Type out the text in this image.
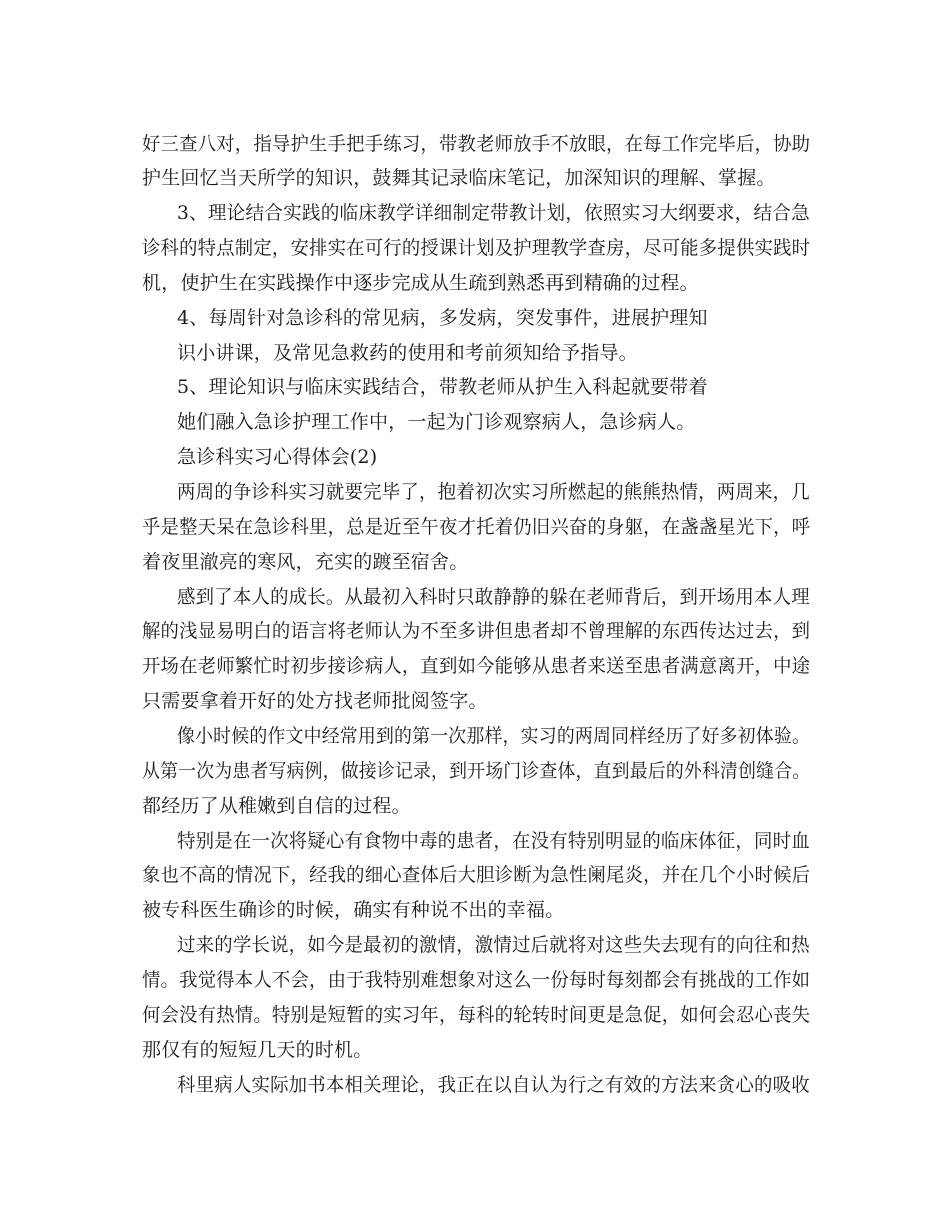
好三查八对，指导护生手把手练习，带教老师放手不放眼，在每工作完毕后，协助
护生回忆当天所学的知识，鼓舞其记录临床笔记，加深知识的理解、掌握。
3、理论结合实践的临床教学详细制定带教计划，依照实习大纲要求，结合急
诊科的特点制定，安排实在可行的授课计划及护理教学查房，尽可能多提供实践时
机，使护生在实践操作中逐步完成从生疏到熟悉再到精确的过程。
4、每周针对急诊科的常见病，多发病，突发事件，进展护理知
识小讲课，及常见急救药的使用和考前须知给予指导。
5、理论知识与临床实践结合，带教老师从护生入科起就要带着
她们融入急诊护理工作中，一起为门诊观察病人，急诊病人。
急诊科实习心得体会(2)
两周的争诊科实习就要完毕了，抱着初次实习所燃起的熊熊热情，两周来，几
乎是整天呆在急诊科里，总是近至午夜才托着仍旧兴奋的身躯，在盏盏星光下，呼
着夜里澈亮的寒风，充实的踱至宿舍。
感到了本人的成长。从最初入科时只敢静静的躲在老师背后，到开场用本人理
解的浅显易明白的语言将老师认为不至多讲但患者却不曾理解的东西传达过去，到
开场在老师繁忙时初步接诊病人，直到如今能够从患者来送至患者满意离开，中途
只需要拿着开好的处方找老师批阅签字。
像小时候的作文中经常用到的第一次那样，实习的两周同样经历了好多初体验。
从第一次为患者写病例，做接诊记录，到开场门诊查体，直到最后的外科清创缝合。
都经历了从稚嫩到自信的过程。
特别是在一次将疑心有食物中毒的患者，在没有特别明显的临床体征，同时血
象也不高的情况下，经我的细心查体后大胆诊断为急性阑尾炎，并在几个小时候后
被专科医生确诊的时候，确实有种说不出的幸福。
过来的学长说，如今是最初的激情，激情过后就将对这些失去现有的向往和热
情。我觉得本人不会，由于我特别难想象对这么一份每时每刻都会有挑战的工作如
何会没有热情。特别是短暂的实习年，每科的轮转时间更是急促，如何会忍心丧失
那仅有的短短几天的时机。
科里病人实际加书本相关理论，我正在以自认为行之有效的方法来贪心的吸收
